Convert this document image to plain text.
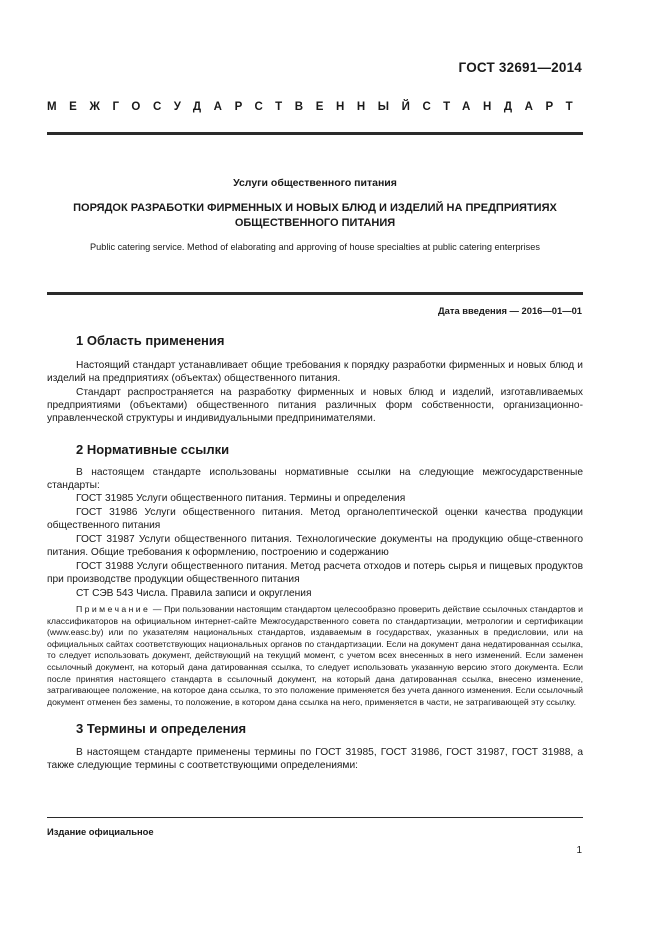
ГОСТ 32691—2014
МЕЖГОСУДАРСТВЕННЫЙ СТАНДАРТ
Услуги общественного питания
ПОРЯДОК РАЗРАБОТКИ ФИРМЕННЫХ И НОВЫХ БЛЮД И ИЗДЕЛИЙ НА ПРЕДПРИЯТИЯХ
ОБЩЕСТВЕННОГО ПИТАНИЯ
Public catering service. Method of elaborating and approving of house specialties at public catering enterprises
Дата введения — 2016—01—01
1 Область применения

Настоящий стандарт устанавливает общие требования к порядку разработки фирменных и новых блюд и изделий на предприятиях (объектах) общественного питания.

Стандарт распространяется на разработку фирменных и новых блюд и изделий, изготавливаемых предприятиями (объектами) общественного питания различных форм собственности, организационно-управленческой структуры и индивидуальными предпринимателями.

2 Нормативные ссылки

В настоящем стандарте использованы нормативные ссылки на следующие межгосударственные стандарты:

ГОСТ 31985 Услуги общественного питания. Термины и определения

ГОСТ 31986 Услуги общественного питания. Метод органолептической оценки качества продукции общественного питания

ГОСТ 31987 Услуги общественного питания. Технологические документы на продукцию обще-ственного питания. Общие требования к оформлению, построению и содержанию

ГОСТ 31988 Услуги общественного питания. Метод расчета отходов и потерь сырья и пищевых продуктов при производстве продукции общественного питания

СТ СЭВ 543 Числа. Правила записи и округления

Примечание — При пользовании настоящим стандартом целесообразно проверить действие ссылочных стандартов и классификаторов на официальном интернет-сайте Межгосударственного совета по стандартизации, метрологии и сертификации (www.easc.by) или по указателям национальных стандартов, издаваемым в государствах, указанных в предисловии, или на официальных сайтах соответствующих национальных органов по стандартизации. Если на документ дана недатированная ссылка, то следует использовать документ, действующий на текущий момент, с учетом всех внесенных в него изменений. Если заменен ссылочный документ, на который дана датированная ссылка, то следует использовать указанную версию этого документа. Если после принятия настоящего стандарта в ссылочный документ, на который дана датированная ссылка, внесено изменение, затрагивающее положение, на которое дана ссылка, то это положение применяется без учета данного изменения. Если ссылочный документ отменен без замены, то положение, в котором дана ссылка на него, применяется в части, не затрагивающей эту ссылку.

3 Термины и определения

В настоящем стандарте применены термины по ГОСТ 31985, ГОСТ 31986, ГОСТ 31987, ГОСТ 31988, а также следующие термины с соответствующими определениями:

Издание официальное
1
